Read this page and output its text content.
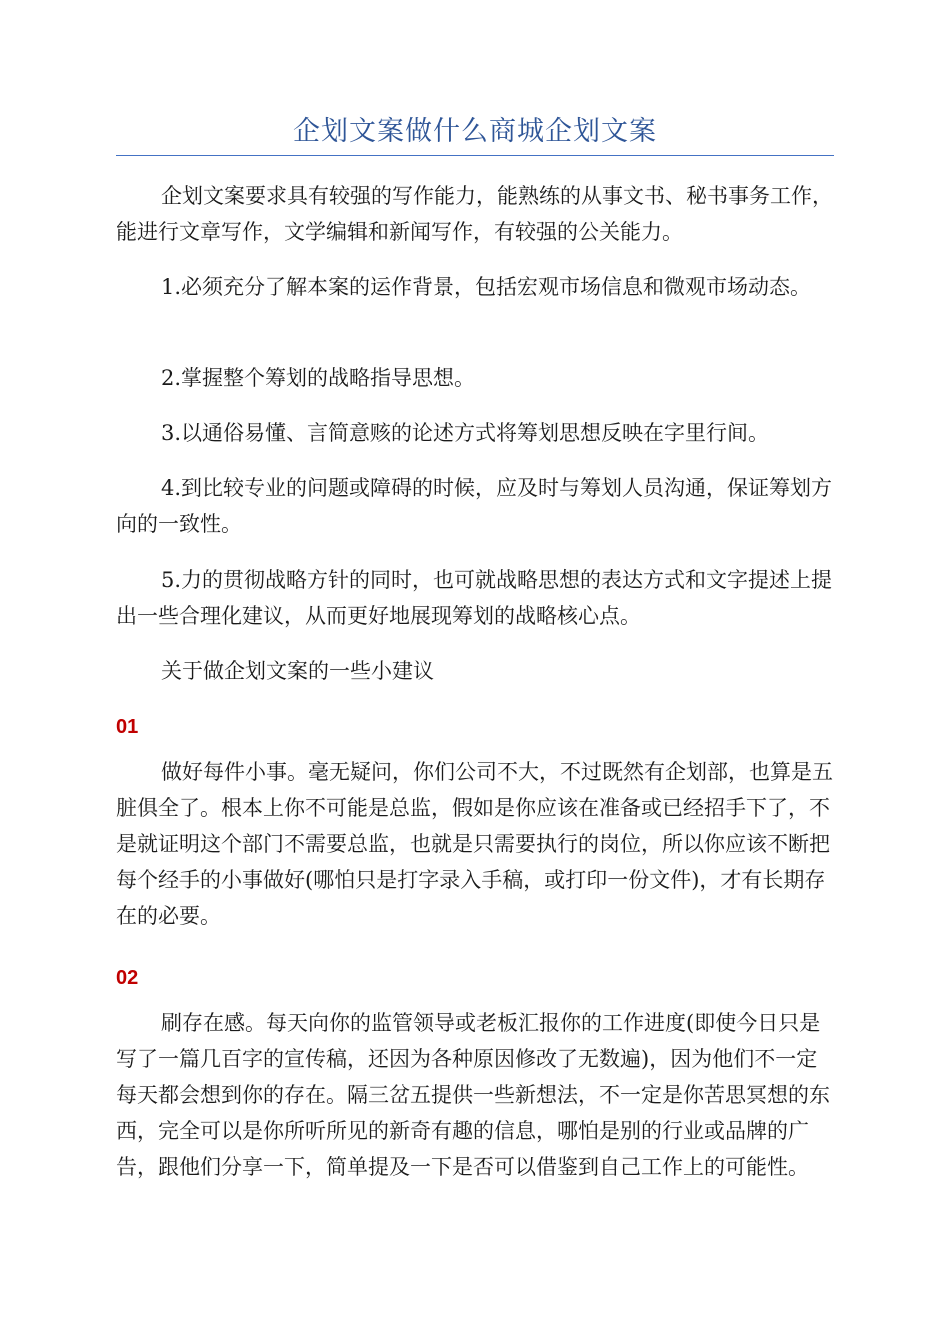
企划文案做什么商城企划文案

企划文案要求具有较强的写作能力，能熟练的从事文书、秘书事务工作，能进行文章写作，文学编辑和新闻写作，有较强的公关能力。

1.必须充分了解本案的运作背景，包括宏观市场信息和微观市场动态。

2.掌握整个筹划的战略指导思想。

3.以通俗易懂、言简意赅的论述方式将筹划思想反映在字里行间。

4.到比较专业的问题或障碍的时候，应及时与筹划人员沟通，保证筹划方向的一致性。

5.力的贯彻战略方针的同时，也可就战略思想的表达方式和文字提述上提出一些合理化建议，从而更好地展现筹划的战略核心点。

关于做企划文案的一些小建议

01

做好每件小事。毫无疑问，你们公司不大，不过既然有企划部，也算是五脏俱全了。根本上你不可能是总监，假如是你应该在准备或已经招手下了，不是就证明这个部门不需要总监，也就是只需要执行的岗位，所以你应该不断把每个经手的小事做好(哪怕只是打字录入手稿，或打印一份文件)，才有长期存在的必要。

02

刷存在感。每天向你的监管领导或老板汇报你的工作进度(即使今日只是写了一篇几百字的宣传稿，还因为各种原因修改了无数遍)，因为他们不一定每天都会想到你的存在。隔三岔五提供一些新想法，不一定是你苦思冥想的东西，完全可以是你所听所见的新奇有趣的信息，哪怕是别的行业或品牌的广告，跟他们分享一下，简单提及一下是否可以借鉴到自己工作上的可能性。
